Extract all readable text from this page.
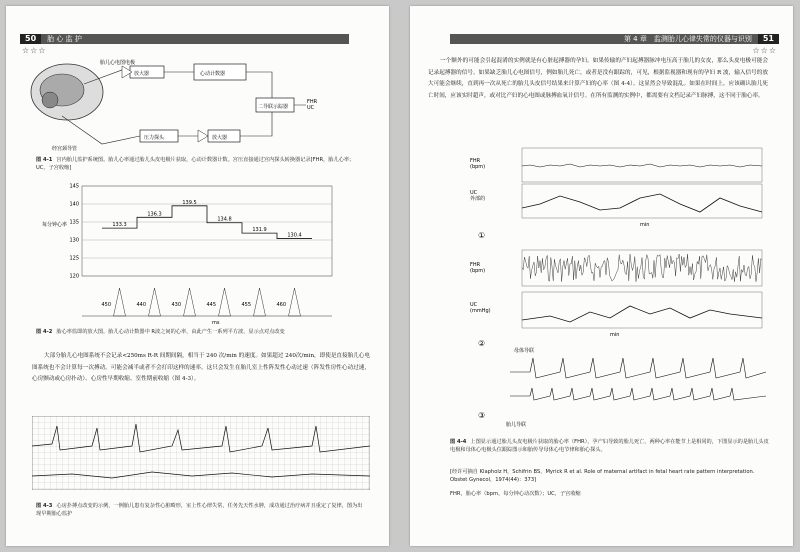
50 胎 心 监 护
☆☆☆
胎儿心电图电极
放大器	心动计数器
二导联示踪器
FHR UC
压力探头	放大器
经宫颈导管
图 4-1 宫内胎儿监护系统图。胎儿心率通过胎儿头皮电极片获取，心动计数器计数。宫压直接通过宫内探头转换器记录[FHR，胎儿心率；UC，子宫收缩]
每分钟心率
ms
120
125
130
135
140
145
133.3
136.3
139.5
134.8
131.9
130.4
450	440	430	445	455	460
图 4-2 胎心率监即的放大图，胎儿心动计数器中 R波之间的心率，由此产生一系列平方波，显示点对点改变
大部分胎儿心电图系统不会记录<250ms R-R 间期间隔，相当于 240 次/min 的速度。如果超过 240次/min，即使是直接胎儿心电图系统也不会计算每一次搏动。可能会减半或者不会打印这样的速率。这只会发生在胎儿室上性阵发性心动过速（阵发性房性心动过速，心房颤动或心房扑动）、心房性早期收缩、室性期前收缩（图 4-3）。
图 4-3 心房扑搏点改变的示例，一例胎儿患有复杂性心脏畸形，室上性心律失常，任务先天性水肿，成功通过治疗病并且重定了复律，图为出现早期胎心监护
第 4 章　监测胎儿心律失常的仪器与识别 51
☆☆☆
一个额外的可能会引起混淆的实例就是有心脏起搏器的孕妇。如果传输的产妇起搏器脉冲电压高于胎儿的女皮，那么头皮电极可能会记录起搏器的信号。如果缺乏胎儿心电图信号，例如胎儿死亡，或者是没有跟踪的，可见，根据监视器和现有的孕妇 R 波，输入信号的放大可能会继续，直到再一次从死亡的胎儿头皮信号结果来计算产妇的心率（图 4-4）。这显然会导致混乱。如果在时间上，应该确认胎儿死亡时间，应该实时超声，或对比产妇的心电图或脉搏血氧计信号。在所有监测的实例中，都需要有文档记录产妇脉搏，这不同于胎心率。
FHR (bpm)
UC 外部的
min
①
FHR (bpm)
UC (mmHg)
min
②
母体导联
③
胎儿导联
图 4-4 上图显示通过胎儿头皮电极片获取的胎心率（FHR），孕产妇导致的胎儿死亡，两种心率在能节上是相同的，下图显示的是胎儿头皮电极和母体心电极头位跟踪图示和胎传导母体心电节律和胎心探头。
[经许可摘自 Klapholz H，Schifrin BS，Myrick R et al. Role of maternal artifact in fetal heart rate pattern interpretation. Obstet Gynecol，1974(44)：373]
FHR，胎心率（bpm，每分钟心动次数）；UC，子宫收缩
